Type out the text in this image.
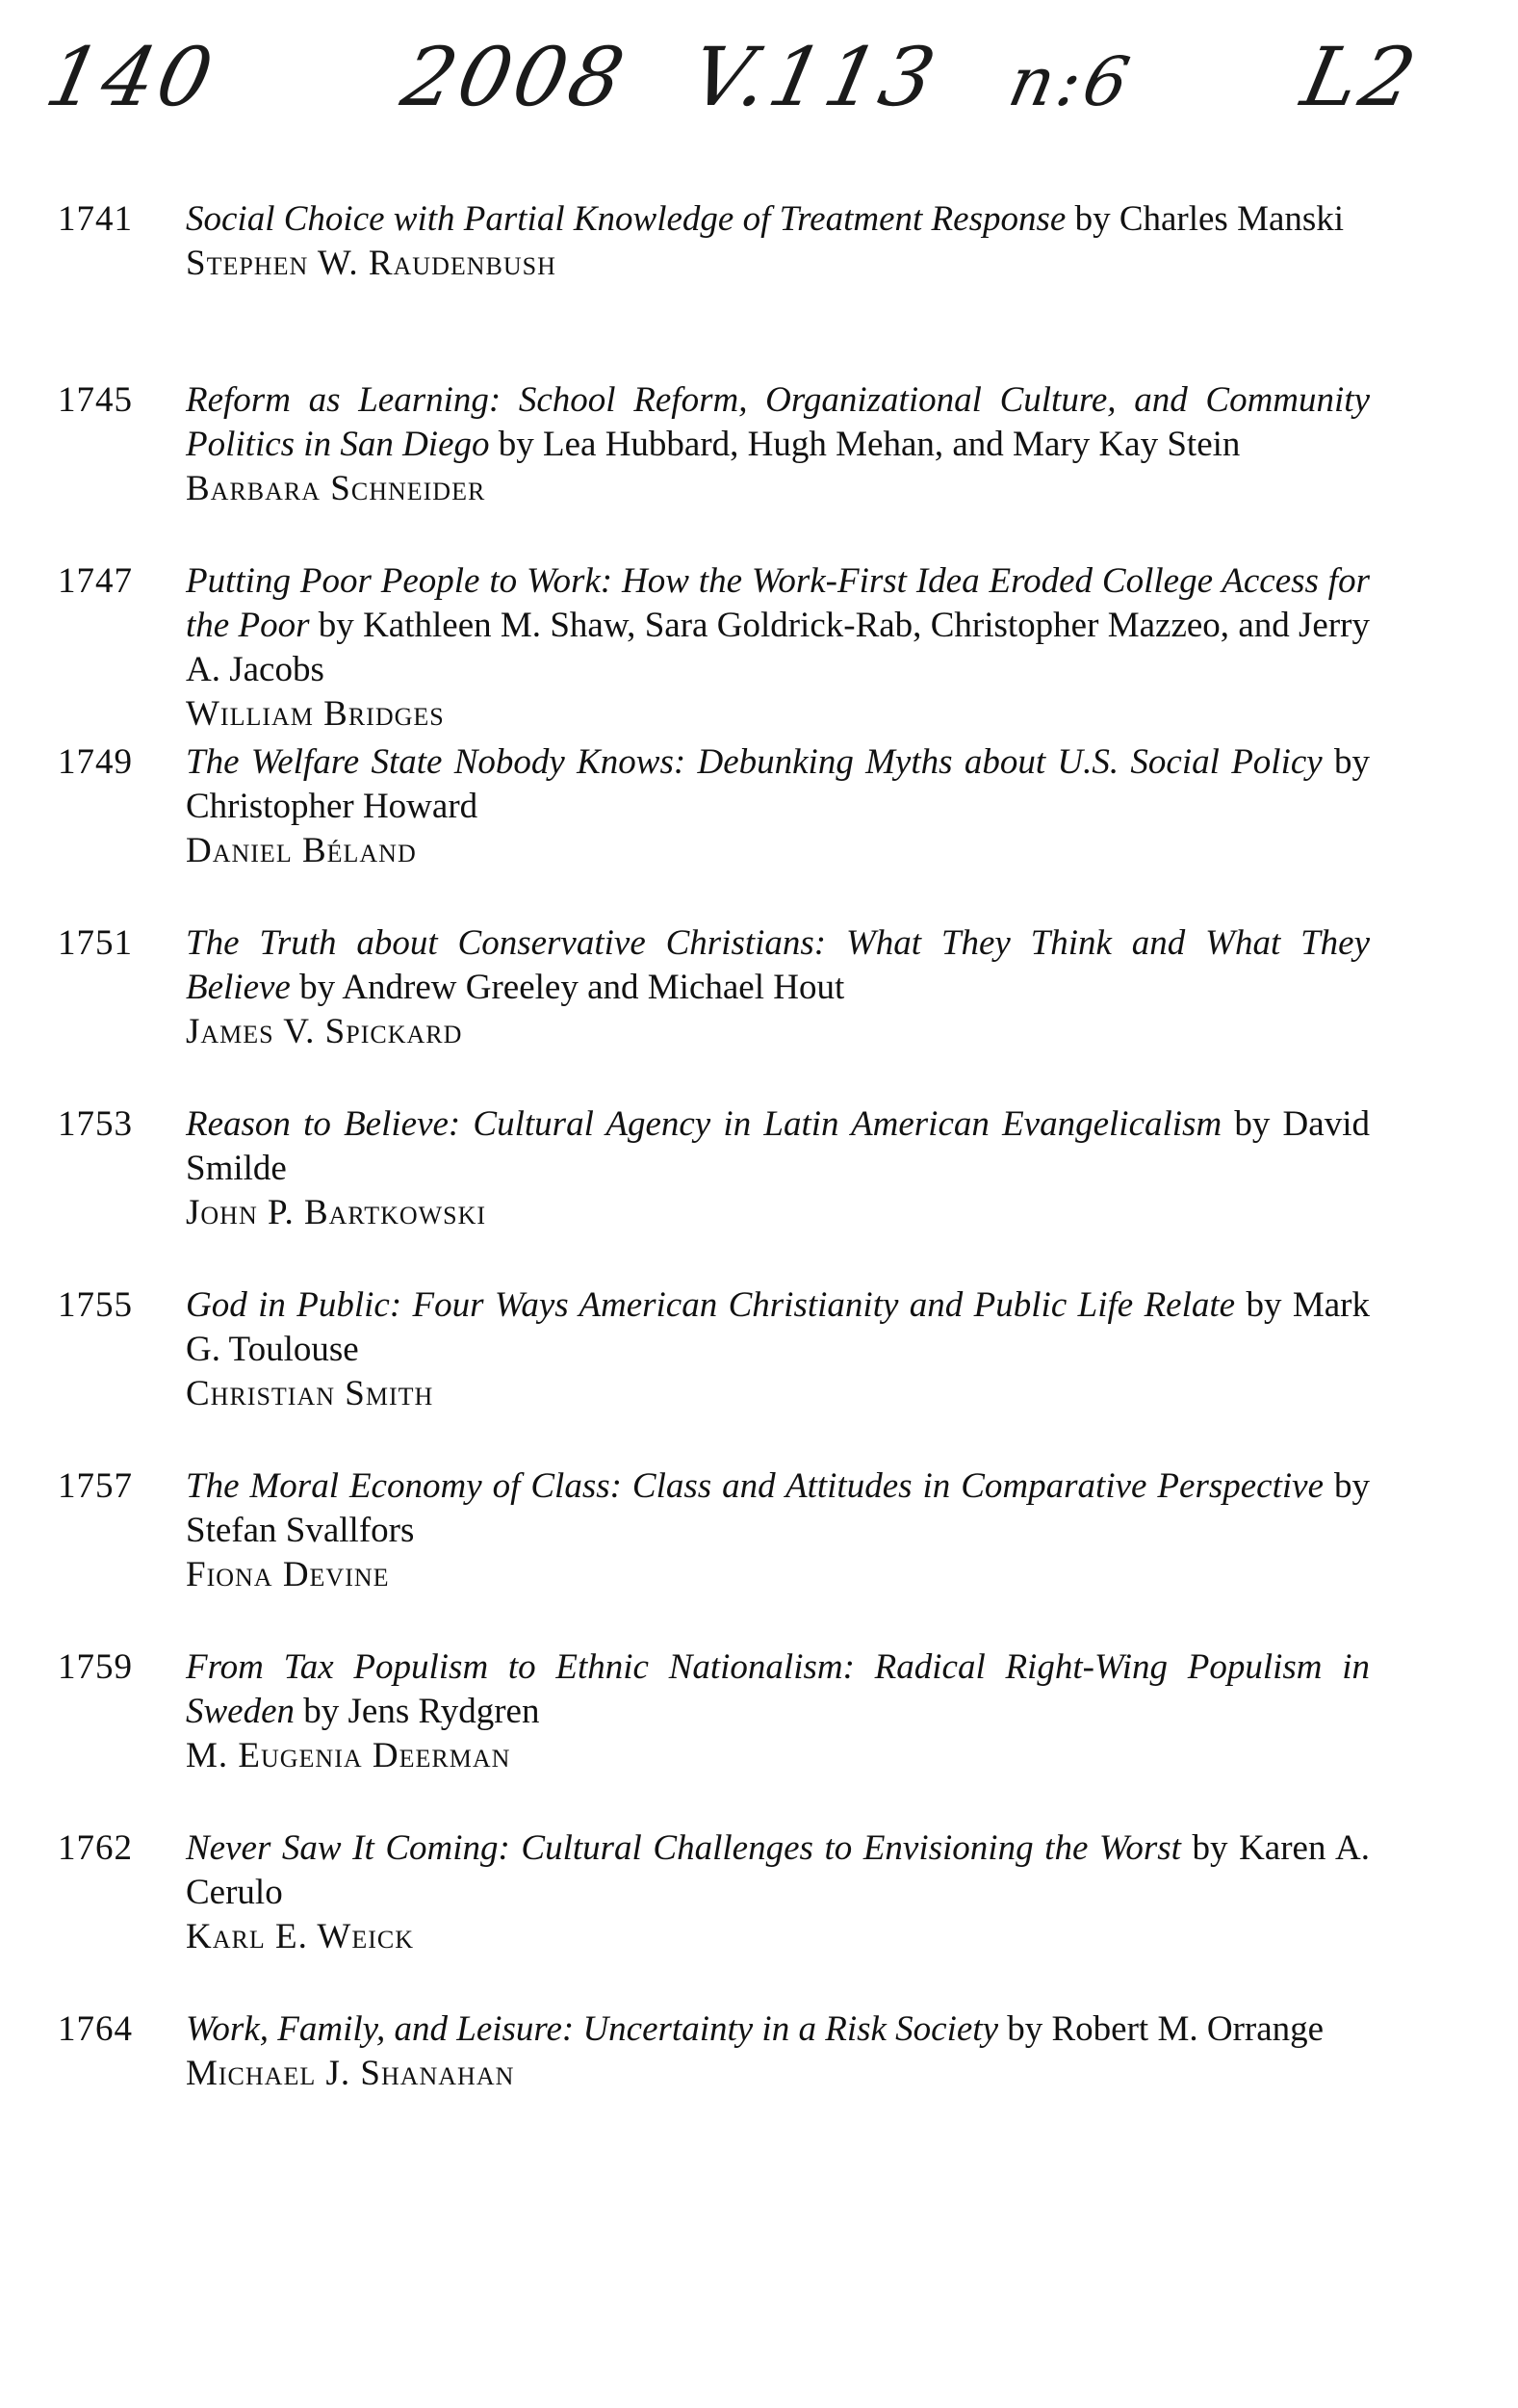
140 2008 V.113 n:6 L2
1741 Social Choice with Partial Knowledge of Treatment Response by Charles Manski
Stephen W. Raudenbush
1745 Reform as Learning: School Reform, Organizational Culture, and Community Politics in San Diego by Lea Hubbard, Hugh Mehan, and Mary Kay Stein
Barbara Schneider
1747 Putting Poor People to Work: How the Work-First Idea Eroded College Access for the Poor by Kathleen M. Shaw, Sara Goldrick-Rab, Christopher Mazzeo, and Jerry A. Jacobs
William Bridges
1749 The Welfare State Nobody Knows: Debunking Myths about U.S. Social Policy by Christopher Howard
Daniel Béland
1751 The Truth about Conservative Christians: What They Think and What They Believe by Andrew Greeley and Michael Hout
James V. Spickard
1753 Reason to Believe: Cultural Agency in Latin American Evangelicalism by David Smilde
John P. Bartkowski
1755 God in Public: Four Ways American Christianity and Public Life Relate by Mark G. Toulouse
Christian Smith
1757 The Moral Economy of Class: Class and Attitudes in Comparative Perspective by Stefan Svallfors
Fiona Devine
1759 From Tax Populism to Ethnic Nationalism: Radical Right-Wing Populism in Sweden by Jens Rydgren
M. Eugenia Deerman
1762 Never Saw It Coming: Cultural Challenges to Envisioning the Worst by Karen A. Cerulo
Karl E. Weick
1764 Work, Family, and Leisure: Uncertainty in a Risk Society by Robert M. Orrange
Michael J. Shanahan
